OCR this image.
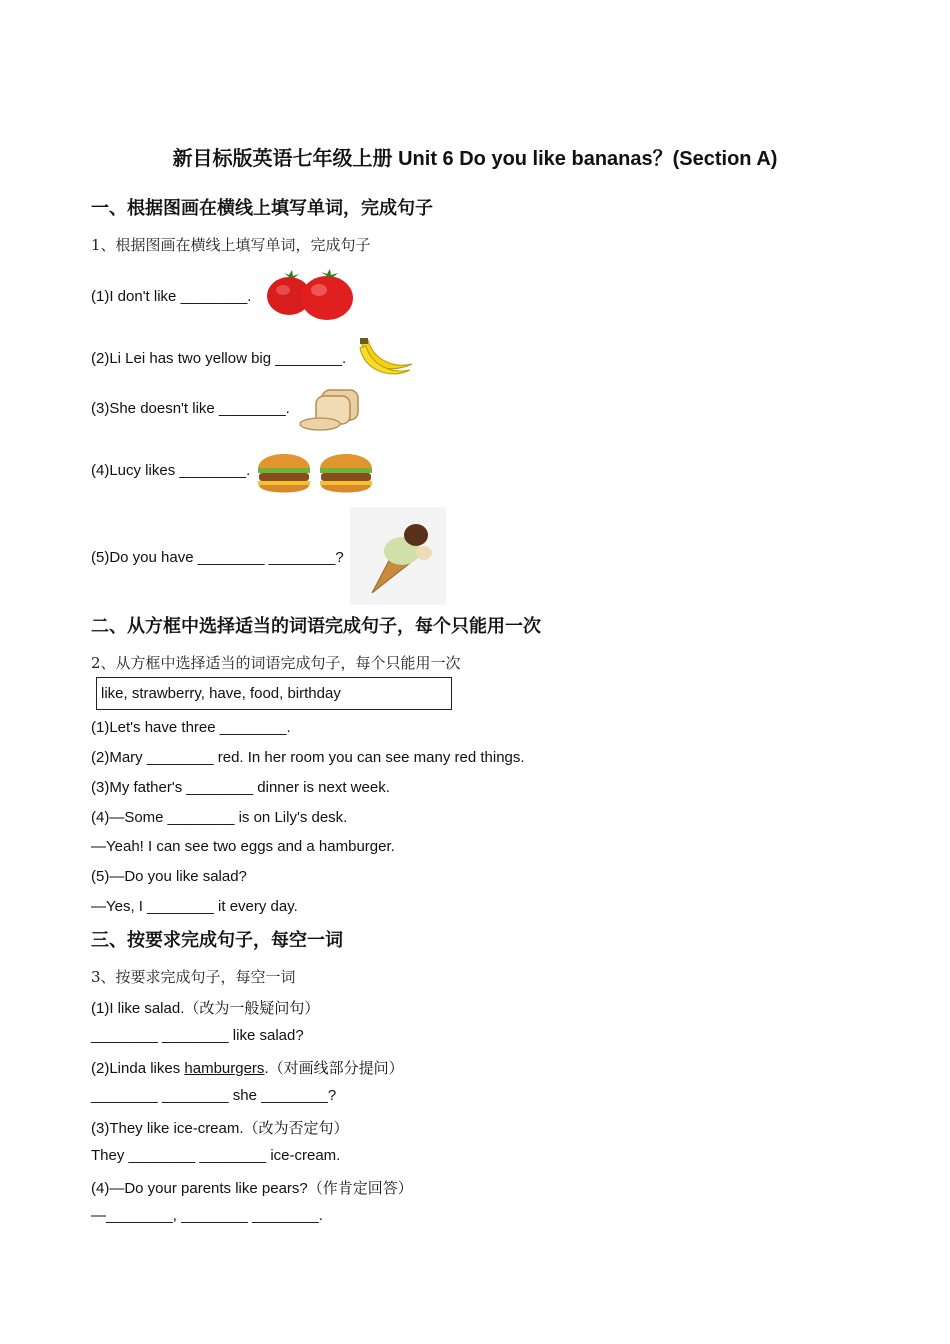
新目标版英语七年级上册 Unit 6 Do you like bananas？(Section A)
一、根据图画在横线上填写单词，完成句子
1、根据图画在横线上填写单词，完成句子
(1)I don't like ________.
(2)Li Lei has two yellow big ________.
(3)She doesn't like ________.
(4)Lucy likes ________.
(5)Do you have ________ ________?
二、从方框中选择适当的词语完成句子，每个只能用一次
2、从方框中选择适当的词语完成句子，每个只能用一次
like, strawberry, have, food, birthday
(1)Let's have three ________.
(2)Mary ________ red. In her room you can see many red things.
(3)My father's ________ dinner is next week.
(4)—Some ________ is on Lily's desk.
—Yeah! I can see two eggs and a hamburger.
(5)—Do you like salad?
—Yes, I ________ it every day.
三、按要求完成句子，每空一词
3、按要求完成句子，每空一词
(1)I like salad.（改为一般疑问句）
________ ________ like salad?
(2)Linda likes hamburgers.（对画线部分提问）
________ ________ she ________?
(3)They like ice-cream.（改为否定句）
They ________ ________ ice-cream.
(4)—Do your parents like pears?（作肯定回答）
—________, ________ ________.
